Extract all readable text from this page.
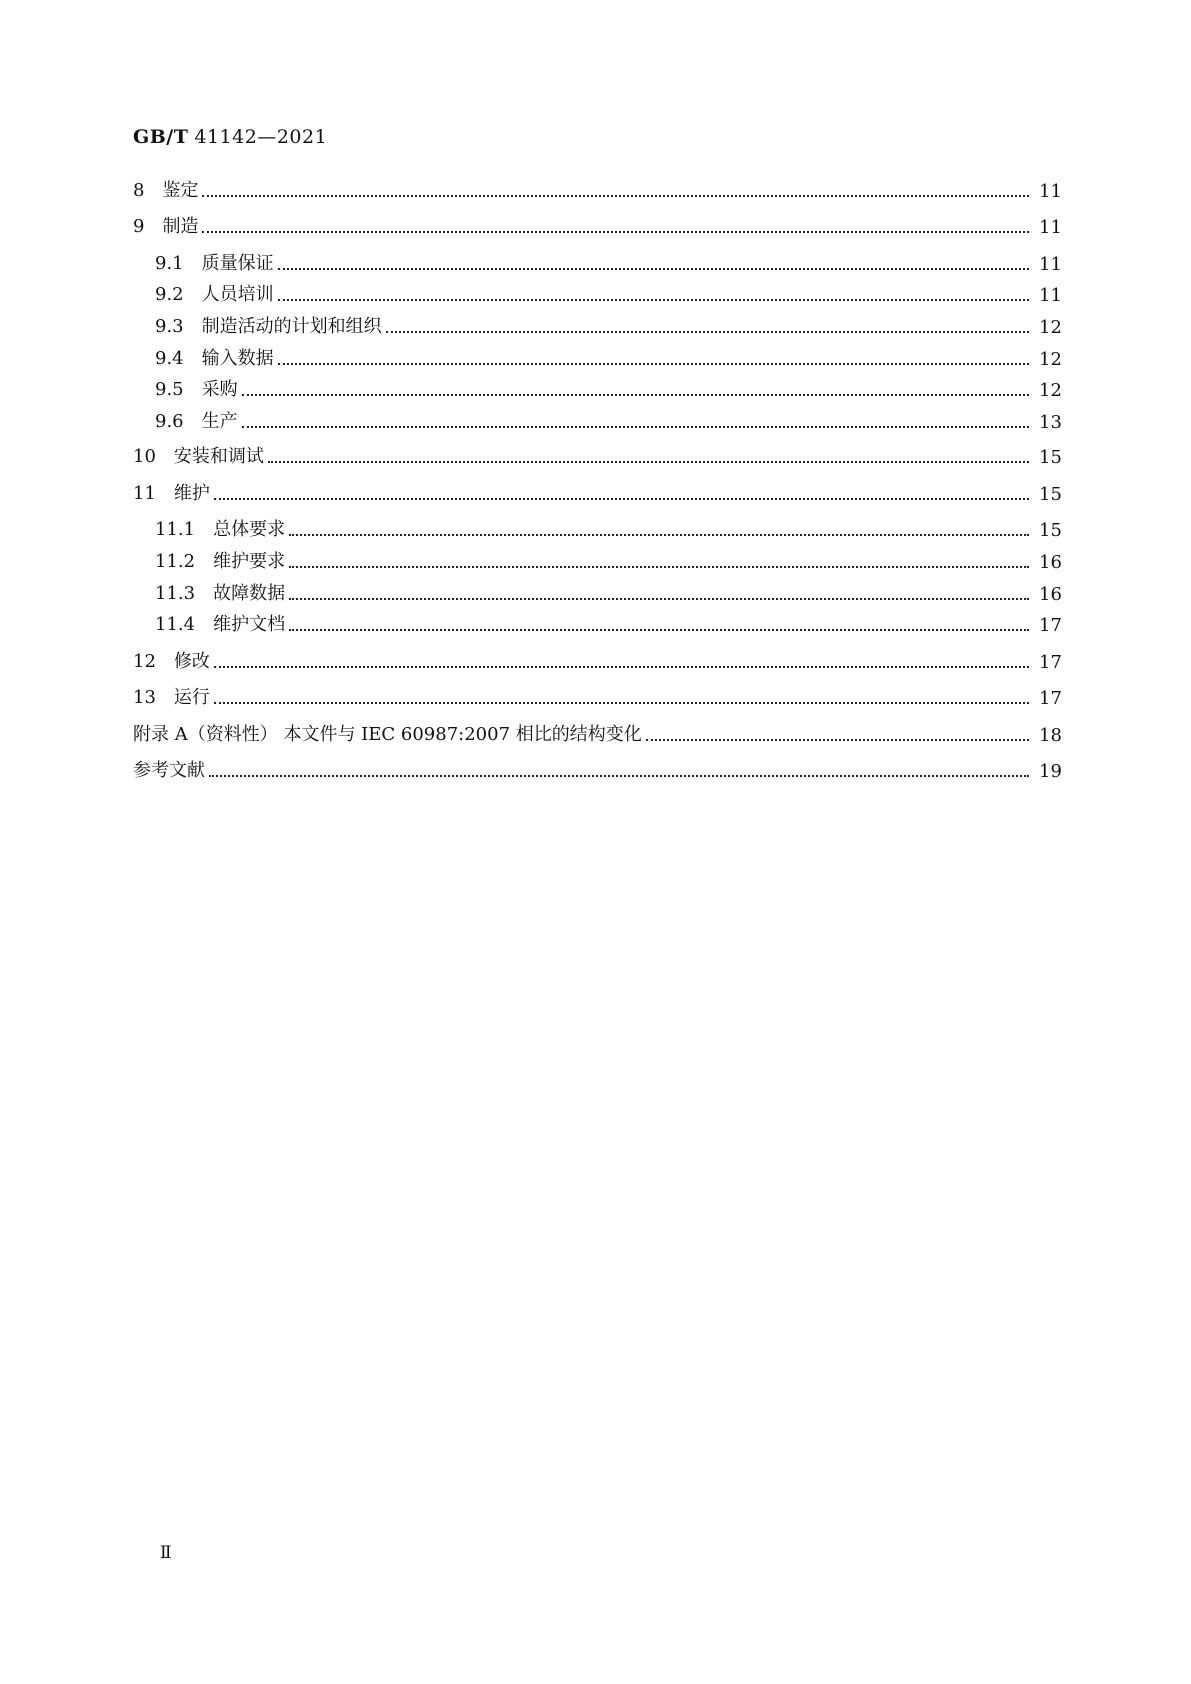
GB/T 41142—2021
8 鉴定	11
9 制造	11
9.1 质量保证	11
9.2 人员培训	11
9.3 制造活动的计划和组织	12
9.4 输入数据	12
9.5 采购	12
9.6 生产	13
10 安装和调试	15
11 维护	15
11.1 总体要求	15
11.2 维护要求	16
11.3 故障数据	16
11.4 维护文档	17
12 修改	17
13 运行	17
附录 A（资料性） 本文件与 IEC 60987:2007 相比的结构变化	18
参考文献	19
Ⅱ
